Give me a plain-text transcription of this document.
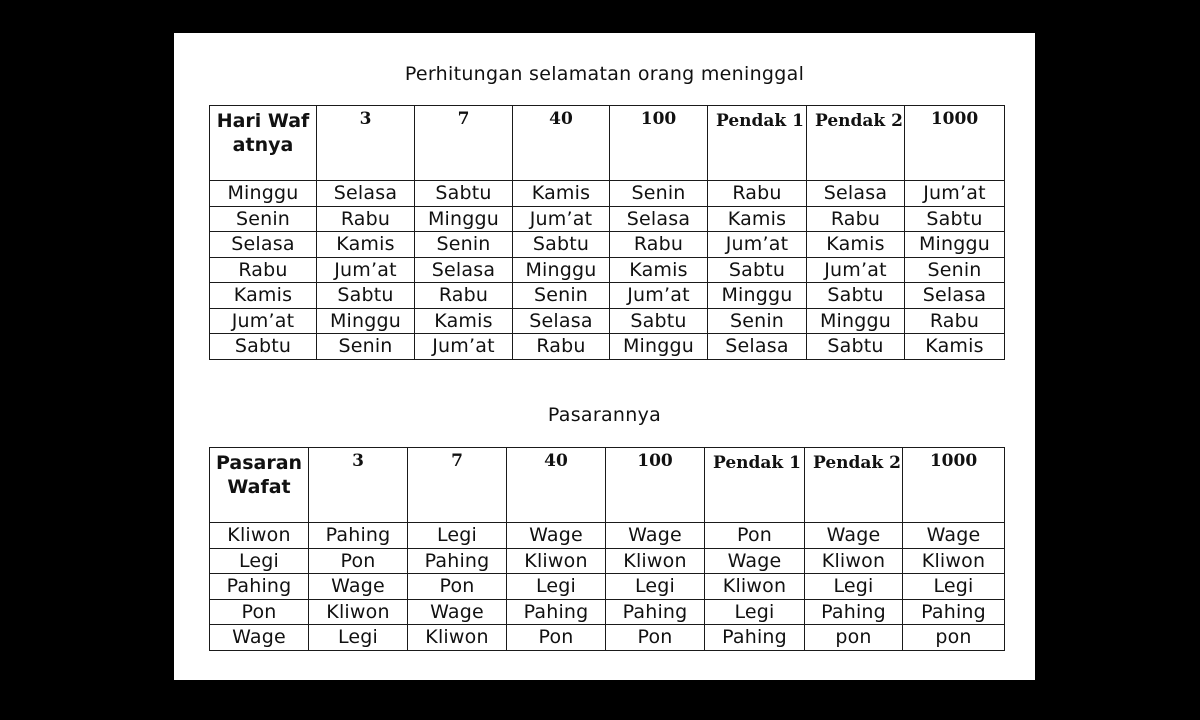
Perhitungan selamatan orang meninggal
Hari Wafatnya	3	7	40	100	Pendak 1	Pendak 2	1000
Minggu	Selasa	Sabtu	Kamis	Senin	Rabu	Selasa	Jum’at
Senin	Rabu	Minggu	Jum’at	Selasa	Kamis	Rabu	Sabtu
Selasa	Kamis	Senin	Sabtu	Rabu	Jum’at	Kamis	Minggu
Rabu	Jum’at	Selasa	Minggu	Kamis	Sabtu	Jum’at	Senin
Kamis	Sabtu	Rabu	Senin	Jum’at	Minggu	Sabtu	Selasa
Jum’at	Minggu	Kamis	Selasa	Sabtu	Senin	Minggu	Rabu
Sabtu	Senin	Jum’at	Rabu	Minggu	Selasa	Sabtu	Kamis
Pasarannya
Pasaran Wafat	3	7	40	100	Pendak 1	Pendak 2	1000
Kliwon	Pahing	Legi	Wage	Wage	Pon	Wage	Wage
Legi	Pon	Pahing	Kliwon	Kliwon	Wage	Kliwon	Kliwon
Pahing	Wage	Pon	Legi	Legi	Kliwon	Legi	Legi
Pon	Kliwon	Wage	Pahing	Pahing	Legi	Pahing	Pahing
Wage	Legi	Kliwon	Pon	Pon	Pahing	pon	pon
